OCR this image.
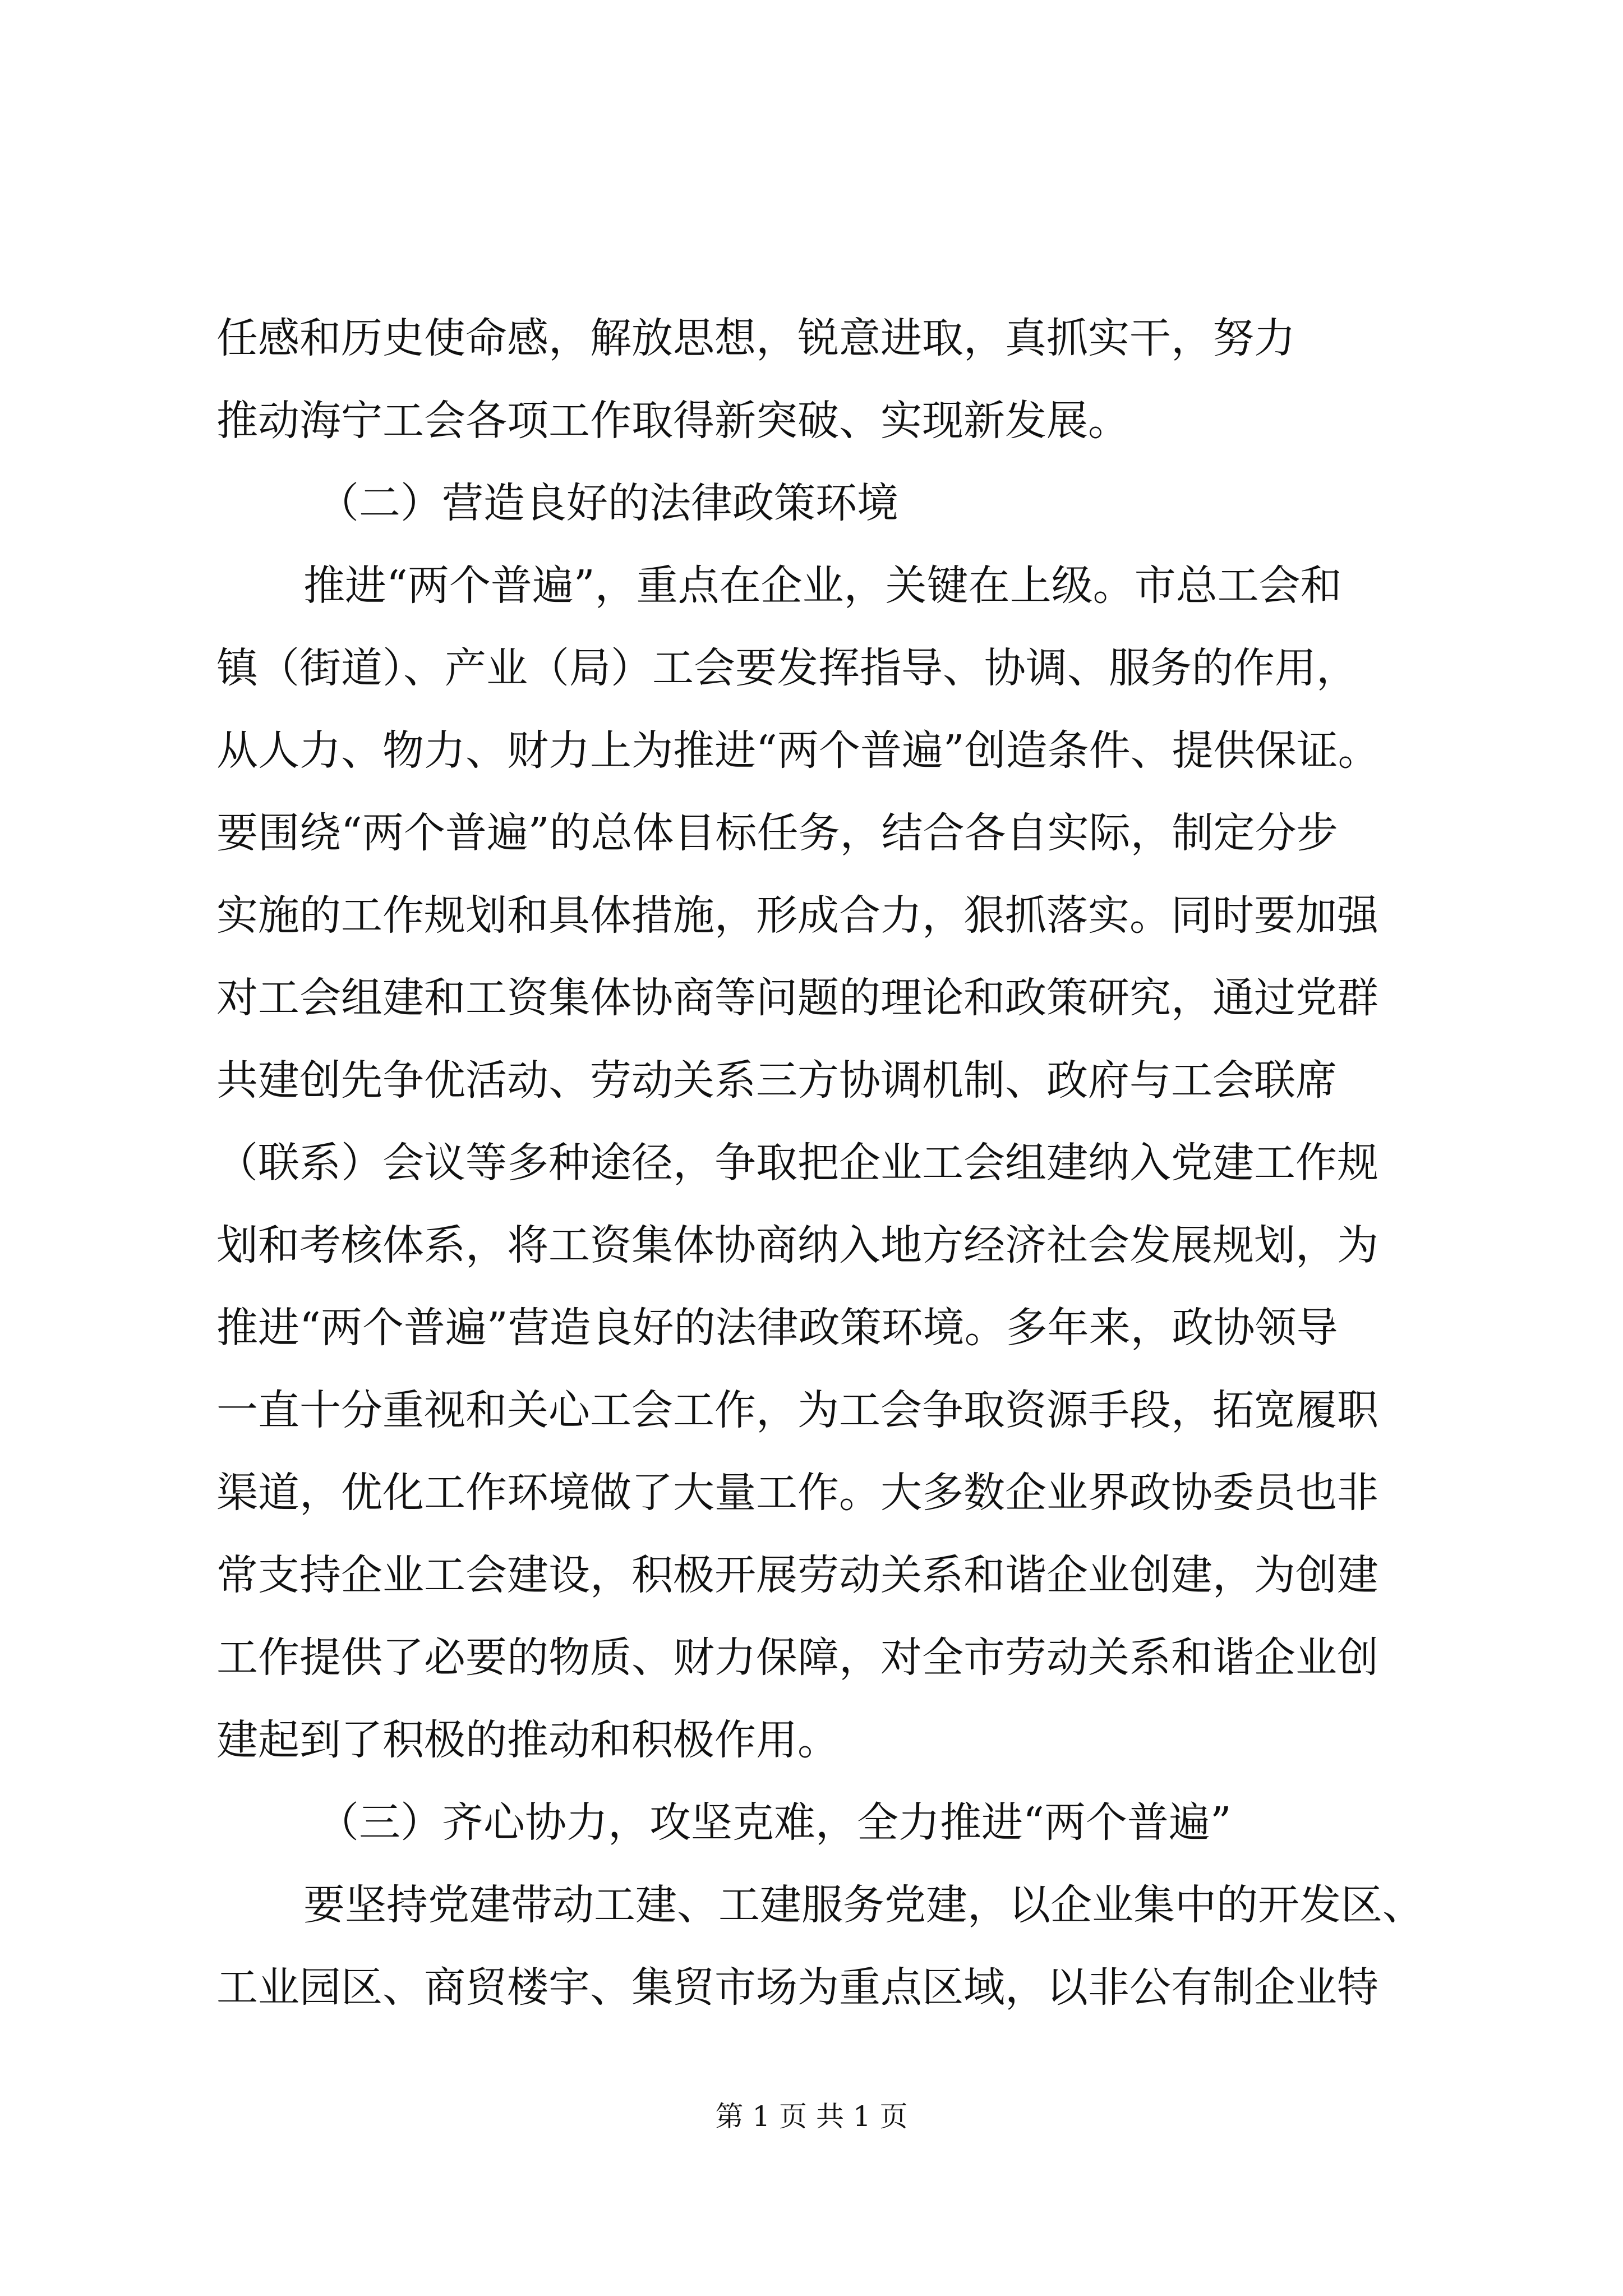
任感和历史使命感，解放思想，锐意进取，真抓实干，努力
推动海宁工会各项工作取得新突破、实现新发展。
（二）营造良好的法律政策环境
推进“两个普遍”，重点在企业，关键在上级。市总工会和
镇（街道）、产业（局）工会要发挥指导、协调、服务的作用，
从人力、物力、财力上为推进“两个普遍”创造条件、提供保证。
要围绕“两个普遍”的总体目标任务，结合各自实际，制定分步
实施的工作规划和具体措施，形成合力，狠抓落实。同时要加强
对工会组建和工资集体协商等问题的理论和政策研究，通过党群
共建创先争优活动、劳动关系三方协调机制、政府与工会联席
（联系）会议等多种途径，争取把企业工会组建纳入党建工作规
划和考核体系，将工资集体协商纳入地方经济社会发展规划，为
推进“两个普遍”营造良好的法律政策环境。多年来，政协领导
一直十分重视和关心工会工作，为工会争取资源手段，拓宽履职
渠道，优化工作环境做了大量工作。大多数企业界政协委员也非
常支持企业工会建设，积极开展劳动关系和谐企业创建，为创建
工作提供了必要的物质、财力保障，对全市劳动关系和谐企业创
建起到了积极的推动和积极作用。
（三）齐心协力，攻坚克难，全力推进“两个普遍”
要坚持党建带动工建、工建服务党建，以企业集中的开发区、
工业园区、商贸楼宇、集贸市场为重点区域，以非公有制企业特
第 1 页 共 1 页
